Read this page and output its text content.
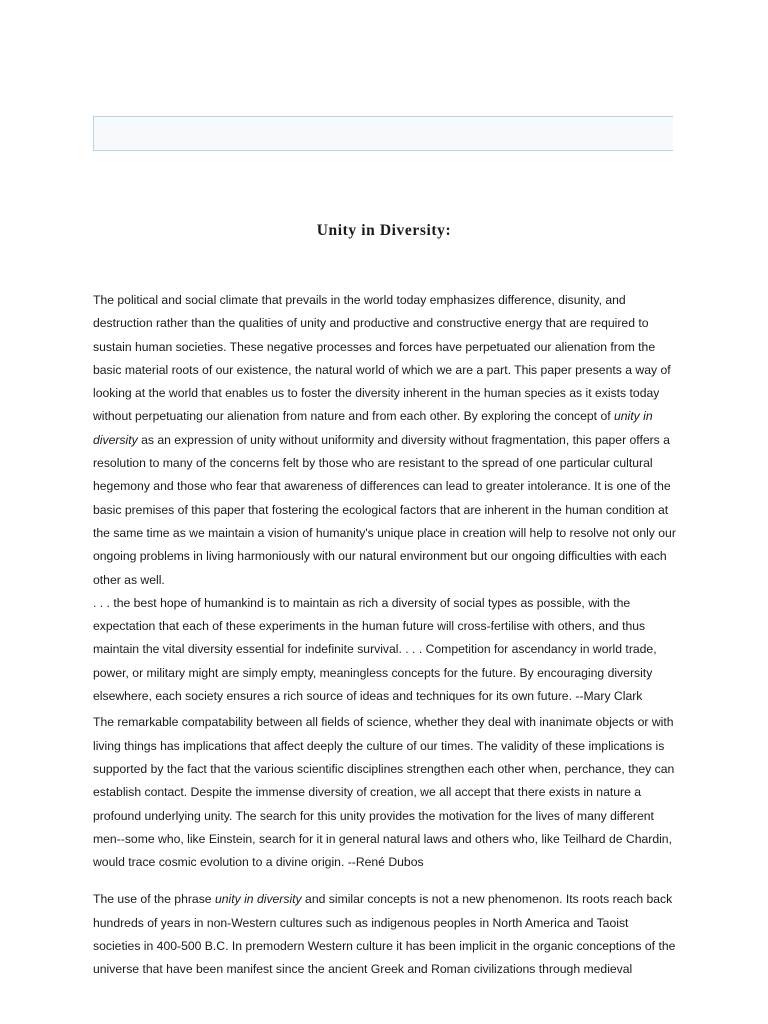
Unity in Diversity:

The political and social climate that prevails in the world today emphasizes difference, disunity, and destruction rather than the qualities of unity and productive and constructive energy that are required to sustain human societies. These negative processes and forces have perpetuated our alienation from the basic material roots of our existence, the natural world of which we are a part. This paper presents a way of looking at the world that enables us to foster the diversity inherent in the human species as it exists today without perpetuating our alienation from nature and from each other. By exploring the concept of unity in diversity as an expression of unity without uniformity and diversity without fragmentation, this paper offers a resolution to many of the concerns felt by those who are resistant to the spread of one particular cultural hegemony and those who fear that awareness of differences can lead to greater intolerance. It is one of the basic premises of this paper that fostering the ecological factors that are inherent in the human condition at the same time as we maintain a vision of humanity's unique place in creation will help to resolve not only our ongoing problems in living harmoniously with our natural environment but our ongoing difficulties with each other as well.

. . . the best hope of humankind is to maintain as rich a diversity of social types as possible, with the expectation that each of these experiments in the human future will cross-fertilise with others, and thus maintain the vital diversity essential for indefinite survival. . . . Competition for ascendancy in world trade, power, or military might are simply empty, meaningless concepts for the future. By encouraging diversity elsewhere, each society ensures a rich source of ideas and techniques for its own future. --Mary Clark

The remarkable compatability between all fields of science, whether they deal with inanimate objects or with living things has implications that affect deeply the culture of our times. The validity of these implications is supported by the fact that the various scientific disciplines strengthen each other when, perchance, they can establish contact. Despite the immense diversity of creation, we all accept that there exists in nature a profound underlying unity. The search for this unity provides the motivation for the lives of many different men--some who, like Einstein, search for it in general natural laws and others who, like Teilhard de Chardin, would trace cosmic evolution to a divine origin. --René Dubos

The use of the phrase unity in diversity and similar concepts is not a new phenomenon. Its roots reach back hundreds of years in non-Western cultures such as indigenous peoples in North America and Taoist societies in 400-500 B.C. In premodern Western culture it has been implicit in the organic conceptions of the universe that have been manifest since the ancient Greek and Roman civilizations through medieval
